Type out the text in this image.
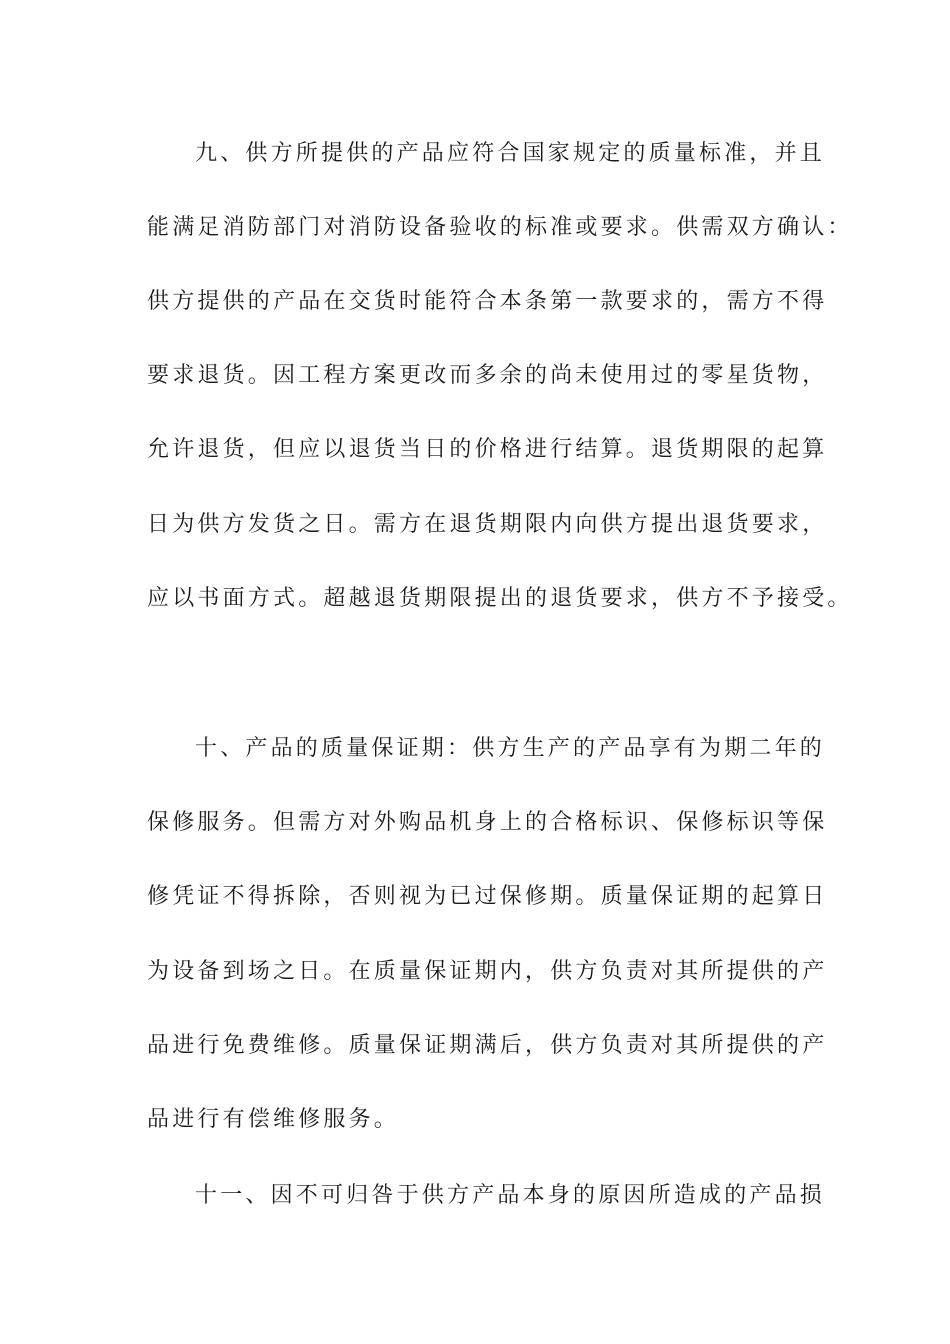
九、供方所提供的产品应符合国家规定的质量标准，并且
能满足消防部门对消防设备验收的标准或要求。供需双方确认：
供方提供的产品在交货时能符合本条第一款要求的，需方不得
要求退货。因工程方案更改而多余的尚未使用过的零星货物，
允许退货，但应以退货当日的价格进行结算。退货期限的起算
日为供方发货之日。需方在退货期限内向供方提出退货要求，
应以书面方式。超越退货期限提出的退货要求，供方不予接受。
十、产品的质量保证期：供方生产的产品享有为期二年的
保修服务。但需方对外购品机身上的合格标识、保修标识等保
修凭证不得拆除，否则视为已过保修期。质量保证期的起算日
为设备到场之日。在质量保证期内，供方负责对其所提供的产
品进行免费维修。质量保证期满后，供方负责对其所提供的产
品进行有偿维修服务。
十一、因不可归咎于供方产品本身的原因所造成的产品损
